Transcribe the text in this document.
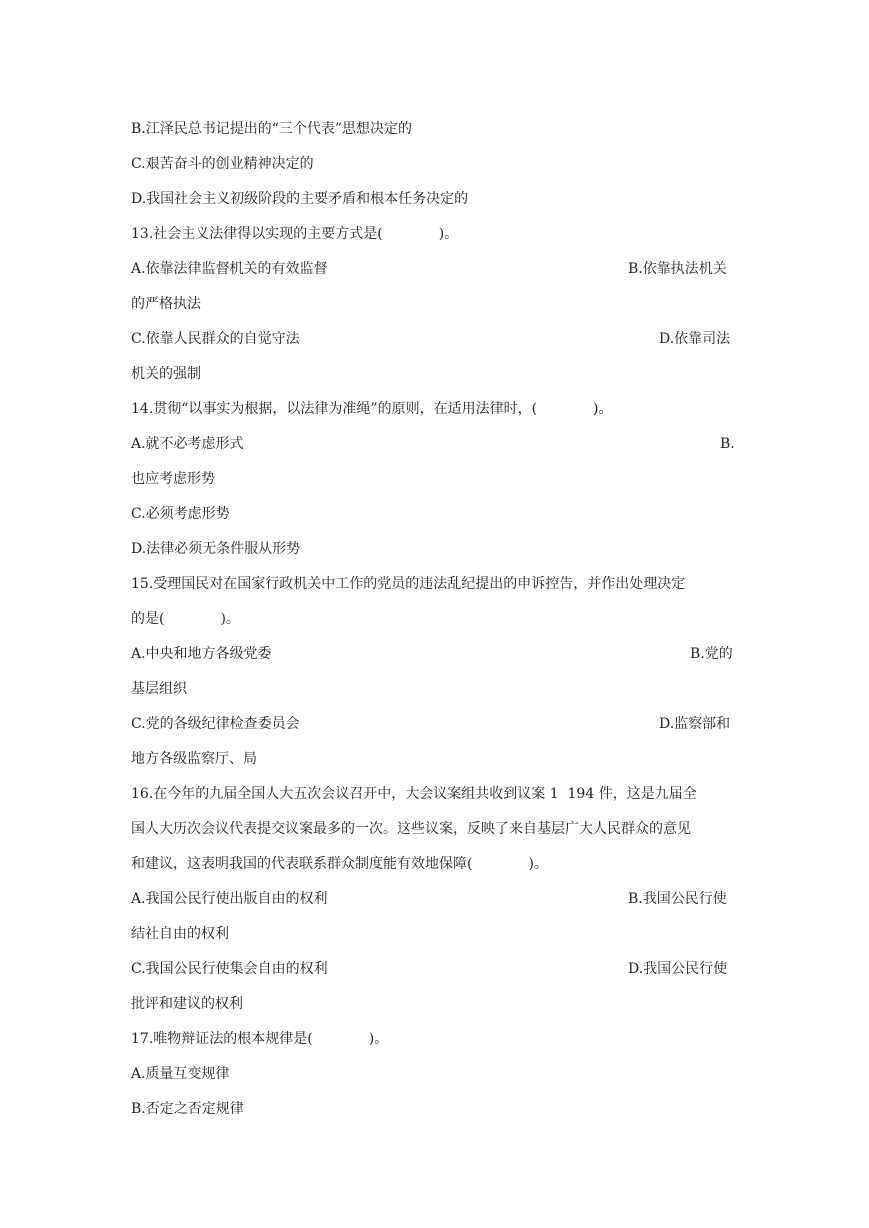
B.江泽民总书记提出的“三个代表”思想决定的
C.艰苦奋斗的创业精神决定的
D.我国社会主义初级阶段的主要矛盾和根本任务决定的
13.社会主义法律得以实现的主要方式是(　　　　)。
A.依靠法律监督机关的有效监督	B.依靠执法机关
的严格执法
C.依靠人民群众的自觉守法	D.依靠司法
机关的强制
14.贯彻“以事实为根据，以法律为准绳”的原则，在适用法律时，(　　　　)。
A.就不必考虑形式	B.
也应考虑形势
C.必须考虑形势
D.法律必须无条件服从形势
15.受理国民对在国家行政机关中工作的党员的违法乱纪提出的申诉控告，并作出处理决定
的是(　　　　)。
A.中央和地方各级党委	B.党的
基层组织
C.党的各级纪律检查委员会	D.监察部和
地方各级监察厅、局
16.在今年的九届全国人大五次会议召开中，大会议案组共收到议案 1  194 件，这是九届全
国人大历次会议代表提交议案最多的一次。这些议案，反映了来自基层广大人民群众的意见
和建议，这表明我国的代表联系群众制度能有效地保障(　　　　)。
A.我国公民行使出版自由的权利	B.我国公民行使
结社自由的权利
C.我国公民行使集会自由的权利	D.我国公民行使
批评和建议的权利
17.唯物辩证法的根本规律是(　　　　)。
A.质量互变规律
B.否定之否定规律
